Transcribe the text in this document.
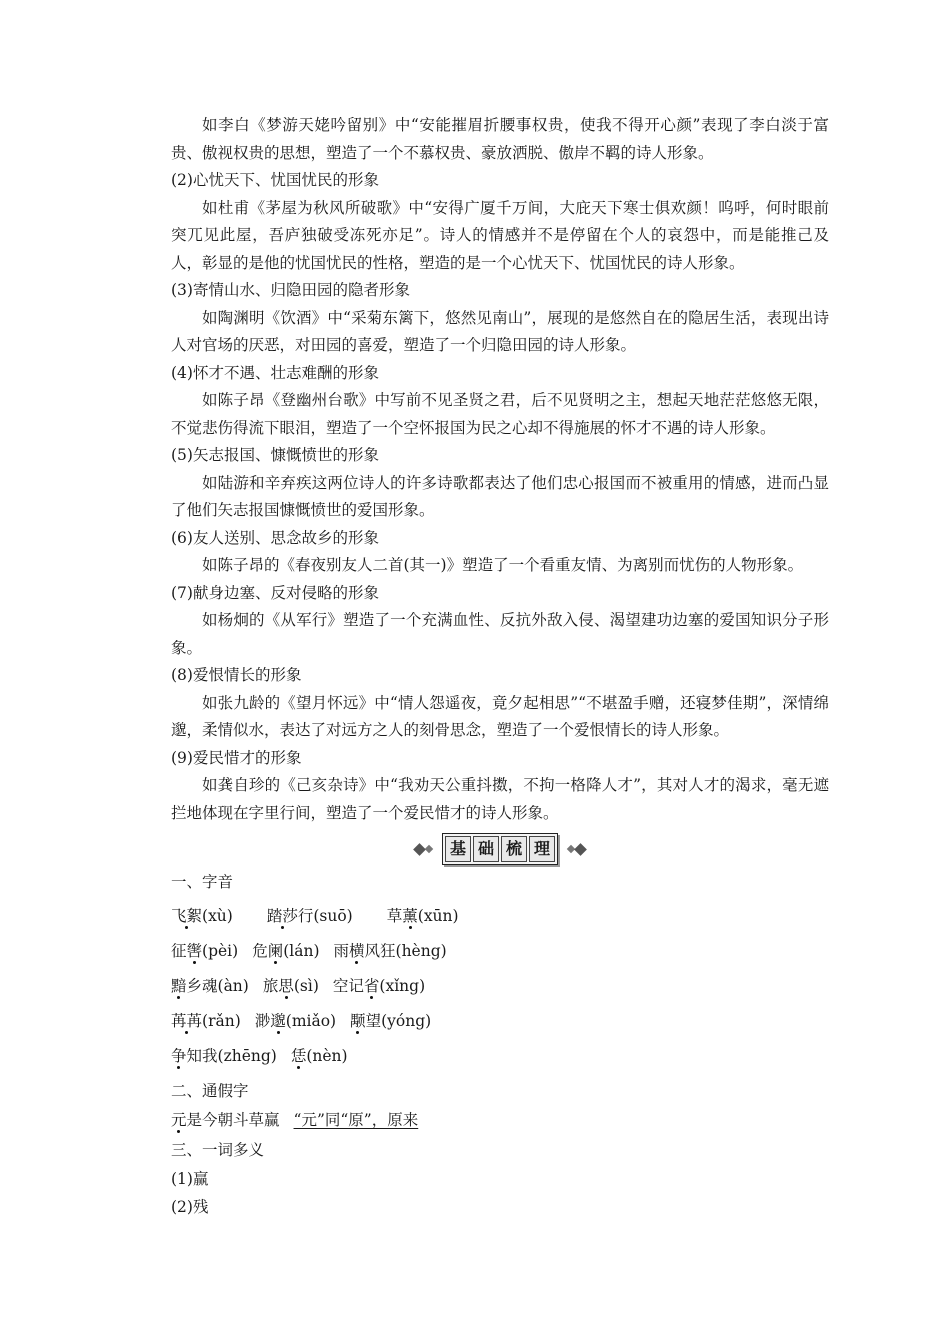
如李白《梦游天姥吟留别》中“安能摧眉折腰事权贵，使我不得开心颜”表现了李白淡于富贵、傲视权贵的思想，塑造了一个不慕权贵、豪放洒脱、傲岸不羁的诗人形象。

(2)心忧天下、忧国忧民的形象

如杜甫《茅屋为秋风所破歌》中“安得广厦千万间，大庇天下寒士俱欢颜！呜呼，何时眼前突兀见此屋，吾庐独破受冻死亦足”。诗人的情感并不是停留在个人的哀怨中，而是能推己及人，彰显的是他的忧国忧民的性格，塑造的是一个心忧天下、忧国忧民的诗人形象。

(3)寄情山水、归隐田园的隐者形象

如陶渊明《饮酒》中“采菊东篱下，悠然见南山”，展现的是悠然自在的隐居生活，表现出诗人对官场的厌恶，对田园的喜爱，塑造了一个归隐田园的诗人形象。

(4)怀才不遇、壮志难酬的形象

如陈子昂《登幽州台歌》中写前不见圣贤之君，后不见贤明之主，想起天地茫茫悠悠无限，不觉悲伤得流下眼泪，塑造了一个空怀报国为民之心却不得施展的怀才不遇的诗人形象。

(5)矢志报国、慷慨愤世的形象

如陆游和辛弃疾这两位诗人的许多诗歌都表达了他们忠心报国而不被重用的情感，进而凸显了他们矢志报国慷慨愤世的爱国形象。

(6)友人送别、思念故乡的形象

如陈子昂的《春夜别友人二首(其一)》塑造了一个看重友情、为离别而忧伤的人物形象。

(7)献身边塞、反对侵略的形象

如杨炯的《从军行》塑造了一个充满血性、反抗外敌入侵、渴望建功边塞的爱国知识分子形象。

(8)爱恨情长的形象

如张九龄的《望月怀远》中“情人怨遥夜，竟夕起相思”“不堪盈手赠，还寝梦佳期”，深情绵邈，柔情似水，表达了对远方之人的刻骨思念，塑造了一个爱恨情长的诗人形象。

(9)爱民惜才的形象

如龚自珍的《己亥杂诗》中“我劝天公重抖擞，不拘一格降人才”，其对人才的渴求，毫无遮拦地体现在字里行间，塑造了一个爱民惜才的诗人形象。

基 础 梳 理

一、字音

飞絮(xù) 踏莎行(suō) 草薰(xūn)

征辔(pèi) 危阑(lán) 雨横风狂(hèng)

黯乡魂(àn) 旅思(sì) 空记省(xǐng)

苒苒(rǎn) 渺邈(miǎo) 颙望(yóng)

争知我(zhēng) 恁(nèn)

二、通假字

元是今朝斗草赢 “元”同“原”，原来

三、一词多义

(1)赢

(2)残
